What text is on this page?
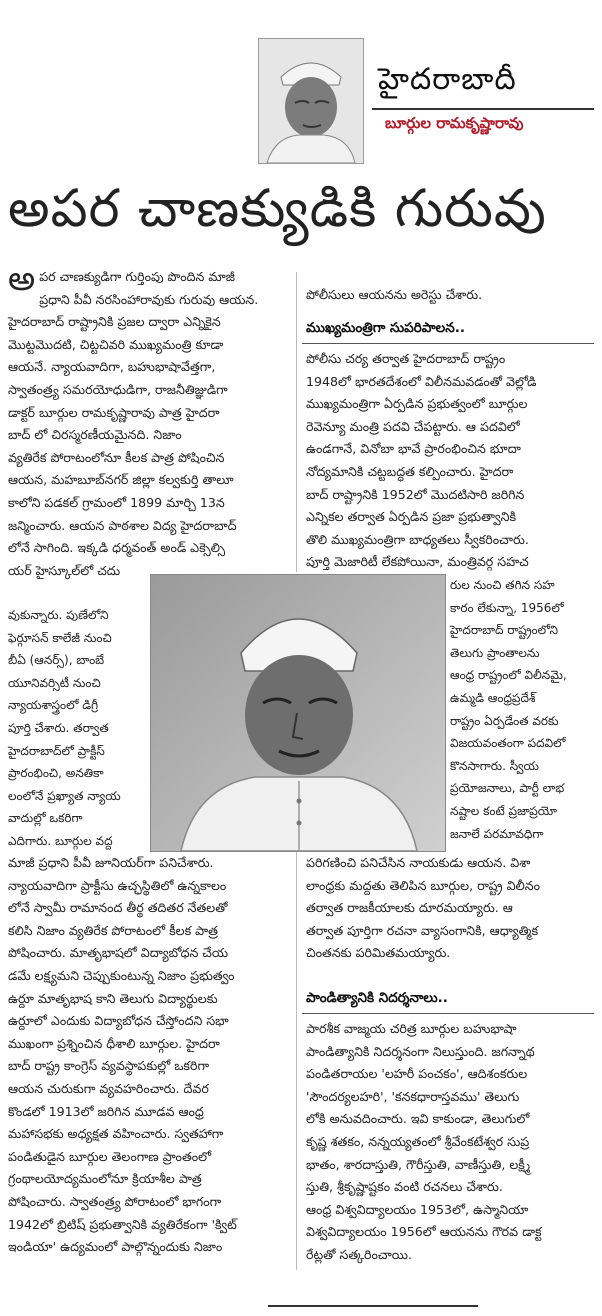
హైదరాబాదీ
బూర్గుల రామకృష్ణారావు
అపర చాణక్యుడికి గురువు
అ పర చాణక్యుడిగా గుర్తింపు పొందిన మాజీ

ప్రధాని పీవీ నరసింహారావుకు గురువు ఆయన.

హైదరాబాద్ రాష్ట్రానికి ప్రజల ద్వారా ఎన్నికైన

మొట్టమొదటి, చిట్టచివరి ముఖ్యమంత్రి కూడా

ఆయనే. న్యాయవాదిగా, బహుభాషావేత్తగా,

స్వాతంత్ర్య సమరయోధుడిగా, రాజనీతిజ్ఞుడిగా

డాక్టర్ బూర్గుల రామకృష్ణారావు పాత్ర హైదరా

బాద్ లో చిరస్మరణీయమైనది. నిజాం

వ్యతిరేక పోరాటంలోనూ కీలక పాత్ర పోషించిన

ఆయన, మహబూబ్‌నగర్ జిల్లా కల్వకుర్తి తాలూ

కాలోని పడకల్ గ్రామంలో 1899 మార్చి 13న

జన్మించారు. ఆయన పాఠశాల విద్య హైదరాబాద్

లోనే సాగింది. ఇక్కడి ధర్మవంత్ అండ్ ఎక్సెల్సి

యర్ హైస్కూల్‌లో చదు

వుకున్నారు. పుణేలోని

ఫెర్గూసన్ కాలేజీ నుంచి

బీఏ (ఆనర్స్), బాంబే

యూనివర్సిటీ నుంచి

న్యాయశాస్త్రంలో డిగ్రీ

పూర్తి చేశారు. తర్వాత

హైదరాబాద్‌లో ప్రాక్టీస్

ప్రారంభించి, అనతికా

లంలోనే ప్రఖ్యాత న్యాయ

వాదుల్లో ఒకరిగా

ఎదిగారు. బూర్గుల వద్ద

మాజీ ప్రధాని పీవీ జూనియర్‌గా పనిచేశారు.

న్యాయవాదిగా ప్రాక్టీసు ఉచ్ఛస్థితిలో ఉన్నకాలం

లోనే స్వామీ రామానంద తీర్థ తదితర నేతలతో

కలిసి నిజాం వ్యతిరేక పోరాటంలో కీలక పాత్ర

పోషించారు. మాతృభాషలో విద్యాబోధన చేయ

డమే లక్ష్యమని చెప్పుకుంటున్న నిజాం ప్రభుత్వం

ఉర్దూ మాతృభాష కాని తెలుగు విద్యార్థులకు

ఉర్దూలో ఎందుకు విద్యాబోధన చేస్తోందని సభా

ముఖంగా ప్రశ్నించిన ధీశాలి బూర్గుల. హైదరా

బాద్ రాష్ట్ర కాంగ్రెస్ వ్యవస్థాపకుల్లో ఒకరిగా

ఆయన చురుకుగా వ్యవహరించారు. దేవర

కొండలో 1913లో జరిగిన మూడవ ఆంధ్ర

మహాసభకు అధ్యక్షత వహించారు. స్వతహాగా

పండితుడైన బూర్గుల తెలంగాణ ప్రాంతంలో

గ్రంథాలయోద్యమంలోనూ క్రియాశీల పాత్ర

పోషించారు. స్వాతంత్ర్య పోరాటంలో భాగంగా

1942లో బ్రిటిష్ ప్రభుత్వానికి వ్యతిరేకంగా 'క్విట్

ఇండియా' ఉద్యమంలో పాల్గొన్నందుకు నిజాం

పోలీసులు ఆయనను అరెస్టు చేశారు.

ముఖ్యమంత్రిగా సుపరిపాలన..

పోలీసు చర్య తర్వాత హైదరాబాద్ రాష్ట్రం

1948లో భారతదేశంలో విలీనమవడంతో వెల్లోడి

ముఖ్యమంత్రిగా ఏర్పడిన ప్రభుత్వంలో బూర్గుల

రెవెన్యూ మంత్రి పదవి చేపట్టారు. ఆ పదవిలో

ఉండగానే, వినోబా భావే ప్రారంభించిన భూదా

నోద్యమానికి చట్టబద్ధత కల్పించారు. హైదరా

బాద్ రాష్ట్రానికి 1952లో మొదటిసారి జరిగిన

ఎన్నికల తర్వాత ఏర్పడిన ప్రజా ప్రభుత్వానికి

తొలి ముఖ్యమంత్రిగా బాధ్యతలు స్వీకరించారు.

పూర్తి మెజారిటీ లేకపోయినా, మంత్రివర్గ సహచ

రుల నుంచి తగిన సహ

కారం లేకున్నా, 1956లో

హైదరాబాద్ రాష్ట్రంలోని

తెలుగు ప్రాంతాలను

ఆంధ్ర రాష్ట్రంలో విలీనమై,

ఉమ్మడి ఆంధ్రప్రదేశ్

రాష్ట్రం ఏర్పడేంత వరకు

విజయవంతంగా పదవిలో

కొనసాగారు. స్వీయ

ప్రయోజనాలు, పార్టీ లాభ

నష్టాల కంటే ప్రజాప్రయో

జనాలే పరమావధిగా

పరిగణించి పనిచేసిన నాయకుడు ఆయన. విశా

లాంధ్రకు మద్దతు తెలిపిన బూర్గుల, రాష్ట్ర విలీనం

తర్వాత రాజకీయాలకు దూరమయ్యారు. ఆ

తర్వాత పూర్తిగా రచనా వ్యాసంగానికి, ఆధ్యాత్మిక

చింతనకు పరిమితమయ్యారు.

పాండిత్యానికి నిదర్శనాలు..

పారశీక వాజ్మయ చరిత్ర బూర్గుల బహుభాషా

పాండిత్యానికి నిదర్శనంగా నిలుస్తుంది. జగన్నాథ

పండితరాయల 'లహరీ పంచకం', ఆదిశంకరుల

'సౌందర్యలహరి', 'కనకధారాస్తవము' తెలుగు

లోకి అనువదించారు. ఇవి కాకుండా, తెలుగులో

కృష్ణ శతకం, నన్నయ్యతంలో శ్రీవేంకటేశ్వర సుప్ర

భాతం, శారదాస్తుతి, గౌరీస్తుతి, వాణీస్తుతి, లక్ష్మీ

స్తుతి, శ్రీకృష్ణాష్టకం వంటి రచనలు చేశారు.

ఆంధ్ర విశ్వవిద్యాలయం 1953లో, ఉస్మానియా

విశ్వవిద్యాలయం 1956లో ఆయనను గౌరవ డాక్ట

రేట్లతో సత్కరించాయి.
